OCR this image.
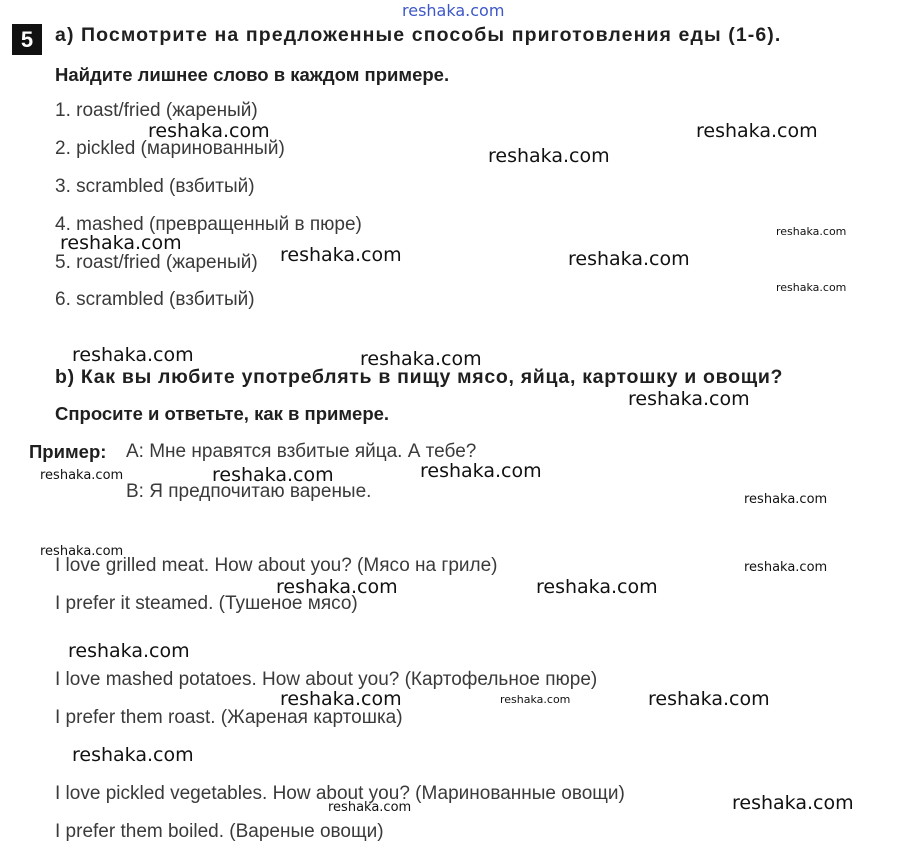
reshaka.com
5	a) Посмотрите на предложенные способы приготовления еды (1-6).
Найдите лишнее слово в каждом примере.
1. roast/fried (жареный)
2. pickled (маринованный)
3. scrambled (взбитый)
4. mashed (превращенный в пюре)
5. roast/fried (жареный)
6. scrambled (взбитый)
b) Как вы любите употреблять в пищу мясо, яйца, картошку и овощи?
Спросите и ответьте, как в примере.
Пример: A: Мне нравятся взбитые яйца. А тебе?
B: Я предпочитаю вареные.
I love grilled meat. How about you? (Мясо на гриле)
I prefer it steamed. (Тушеное мясо)
I love mashed potatoes. How about you? (Картофельное пюре)
I prefer them roast. (Жареная картошка)
I love pickled vegetables. How about you? (Маринованные овощи)
I prefer them boiled. (Вареные овощи)
reshaka.com	reshaka.com
reshaka.com
reshaka.com
reshaka.com	reshaka.com
reshaka.com	reshaka.com
reshaka.com
reshaka.com
reshaka.com
reshaka.com	reshaka.com
reshaka.com
reshaka.com	reshaka.com
reshaka.com
reshaka.com
reshaka.com
reshaka.com
reshaka.com
reshaka.com
reshaka.com
reshaka.com
reshaka.com
reshaka.com
